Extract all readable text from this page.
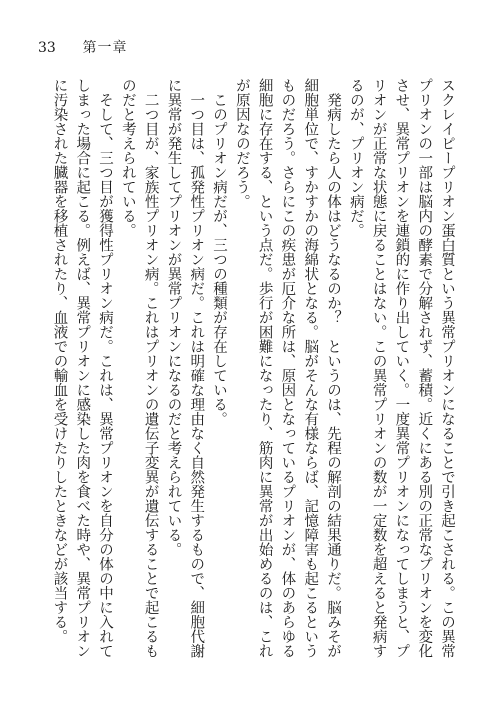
33 第一章
スクレイピープリオン蛋白質という異常プリオンになることで引き起こされる。この異常
プリオンの一部は脳内の酵素で分解されず、蓄積。近くにある別の正常なプリオンを変化
させ、異常プリオンを連鎖的に作り出していく。一度異常プリオンになってしまうと、プ
リオンが正常な状態に戻ることはない。この異常プリオンの数が一定数を超えると発病す
るのが、プリオン病だ。
　発病したら人の体はどうなるのか？　というのは、先程の解剖の結果通りだ。脳みそが
細胞単位で、すかすかの海綿状となる。脳がそんな有様ならば、記憶障害も起こるという
ものだろう。さらにこの疾患が厄介な所は、原因となっているプリオンが、体のあらゆる
細胞に存在する、という点だ。歩行が困難になったり、筋肉に異常が出始めるのは、これ
が原因なのだろう。
　このプリオン病だが、三つの種類が存在している。
　一つ目は、孤発性プリオン病だ。これは明確な理由なく自然発生するもので、細胞代謝
に異常が発生してプリオンが異常プリオンになるのだと考えられている。
　二つ目が、家族性プリオン病。これはプリオンの遺伝子変異が遺伝することで起こるも
のだと考えられている。
　そして、三つ目が獲得性プリオン病だ。これは、異常プリオンを自分の体の中に入れて
しまった場合に起こる。例えば、異常プリオンに感染した肉を食べた時や、異常プリオン
に汚染された臓器を移植されたり、血液での輸血を受けたりしたときなどが該当する。
